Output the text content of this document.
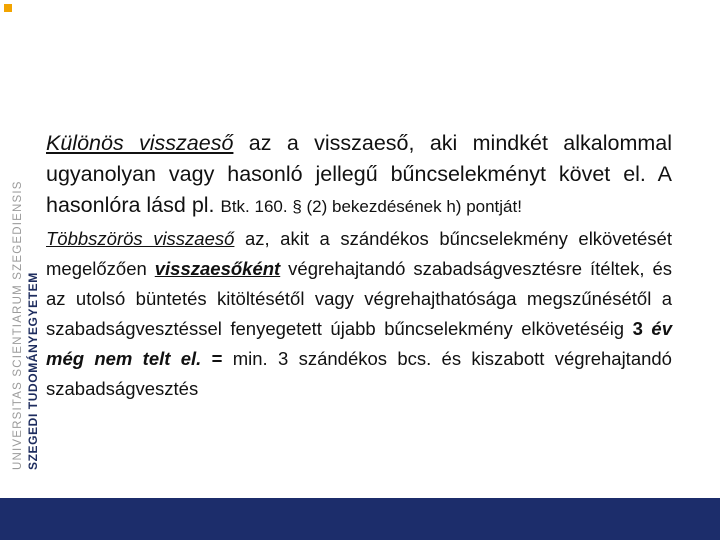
SZEGEDI TUDOMÁNYEGYETEM
UNIVERSITAS SCIENTIARUM SZEGEDIENSIS

Különös visszaeső az a visszaeső, aki mindkét alkalommal ugyanolyan vagy hasonló jellegű bűncselekményt követ el. A hasonlóra lásd pl. Btk. 160. § (2) bekezdésének h) pontját!

Többszörös visszaeső az, akit a szándékos bűncselekmény elkövetését megelőzően visszaesőként végrehajtandó szabadságvesztésre ítéltek, és az utolsó büntetés kitöltésétől vagy végrehajthatósága megszűnésétől a szabadságvesztéssel fenyegetett újabb bűncselekmény elkövetéséig 3 év még nem telt el. = min. 3 szándékos bcs. és kiszabott végrehajtandó szabadságvesztés
